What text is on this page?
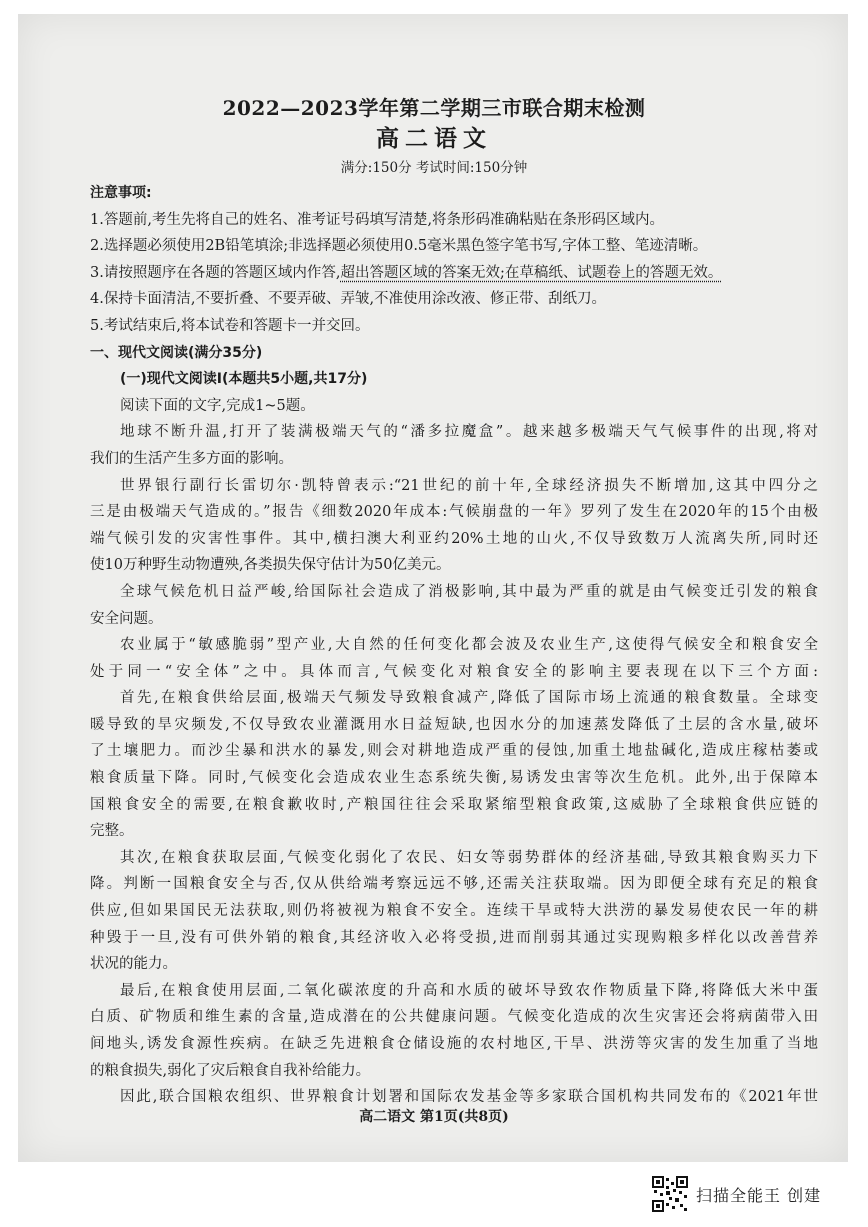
2022—2023学年第二学期三市联合期末检测
高二语文
满分:150分 考试时间:150分钟
注意事项:
1.答题前,考生先将自己的姓名、准考证号码填写清楚,将条形码准确粘贴在条形码区域内。
2.选择题必须使用2B铅笔填涂;非选择题必须使用0.5毫米黑色签字笔书写,字体工整、笔迹清晰。
3.请按照题序在各题的答题区域内作答,超出答题区域的答案无效;在草稿纸、试题卷上的答题无效。
4.保持卡面清洁,不要折叠、不要弄破、弄皱,不准使用涂改液、修正带、刮纸刀。
5.考试结束后,将本试卷和答题卡一并交回。
一、现代文阅读(满分35分)
(一)现代文阅读Ⅰ(本题共5小题,共17分)
阅读下面的文字,完成1~5题。
地球不断升温,打开了装满极端天气的“潘多拉魔盒”。越来越多极端天气气候事件的出现,将对
我们的生活产生多方面的影响。
世界银行副行长雷切尔·凯特曾表示:“21世纪的前十年,全球经济损失不断增加,这其中四分之
三是由极端天气造成的。”报告《细数2020年成本:气候崩盘的一年》罗列了发生在2020年的15个由极
端气候引发的灾害性事件。其中,横扫澳大利亚约20%土地的山火,不仅导致数万人流离失所,同时还
使10万种野生动物遭殃,各类损失保守估计为50亿美元。
全球气候危机日益严峻,给国际社会造成了消极影响,其中最为严重的就是由气候变迁引发的粮食
安全问题。
农业属于“敏感脆弱”型产业,大自然的任何变化都会波及农业生产,这使得气候安全和粮食安全
处于同一“安全体”之中。具体而言,气候变化对粮食安全的影响主要表现在以下三个方面:
首先,在粮食供给层面,极端天气频发导致粮食减产,降低了国际市场上流通的粮食数量。全球变
暖导致的旱灾频发,不仅导致农业灌溉用水日益短缺,也因水分的加速蒸发降低了土层的含水量,破坏
了土壤肥力。而沙尘暴和洪水的暴发,则会对耕地造成严重的侵蚀,加重土地盐碱化,造成庄稼枯萎或
粮食质量下降。同时,气候变化会造成农业生态系统失衡,易诱发虫害等次生危机。此外,出于保障本
国粮食安全的需要,在粮食歉收时,产粮国往往会采取紧缩型粮食政策,这威胁了全球粮食供应链的
完整。
其次,在粮食获取层面,气候变化弱化了农民、妇女等弱势群体的经济基础,导致其粮食购买力下
降。判断一国粮食安全与否,仅从供给端考察远远不够,还需关注获取端。因为即便全球有充足的粮食
供应,但如果国民无法获取,则仍将被视为粮食不安全。连续干旱或特大洪涝的暴发易使农民一年的耕
种毁于一旦,没有可供外销的粮食,其经济收入必将受损,进而削弱其通过实现购粮多样化以改善营养
状况的能力。
最后,在粮食使用层面,二氧化碳浓度的升高和水质的破坏导致农作物质量下降,将降低大米中蛋
白质、矿物质和维生素的含量,造成潜在的公共健康问题。气候变化造成的次生灾害还会将病菌带入田
间地头,诱发食源性疾病。在缺乏先进粮食仓储设施的农村地区,干旱、洪涝等灾害的发生加重了当地
的粮食损失,弱化了灾后粮食自我补给能力。
因此,联合国粮农组织、世界粮食计划署和国际农发基金等多家联合国机构共同发布的《2021年世
高二语文 第1页(共8页)
扫描全能王 创建
